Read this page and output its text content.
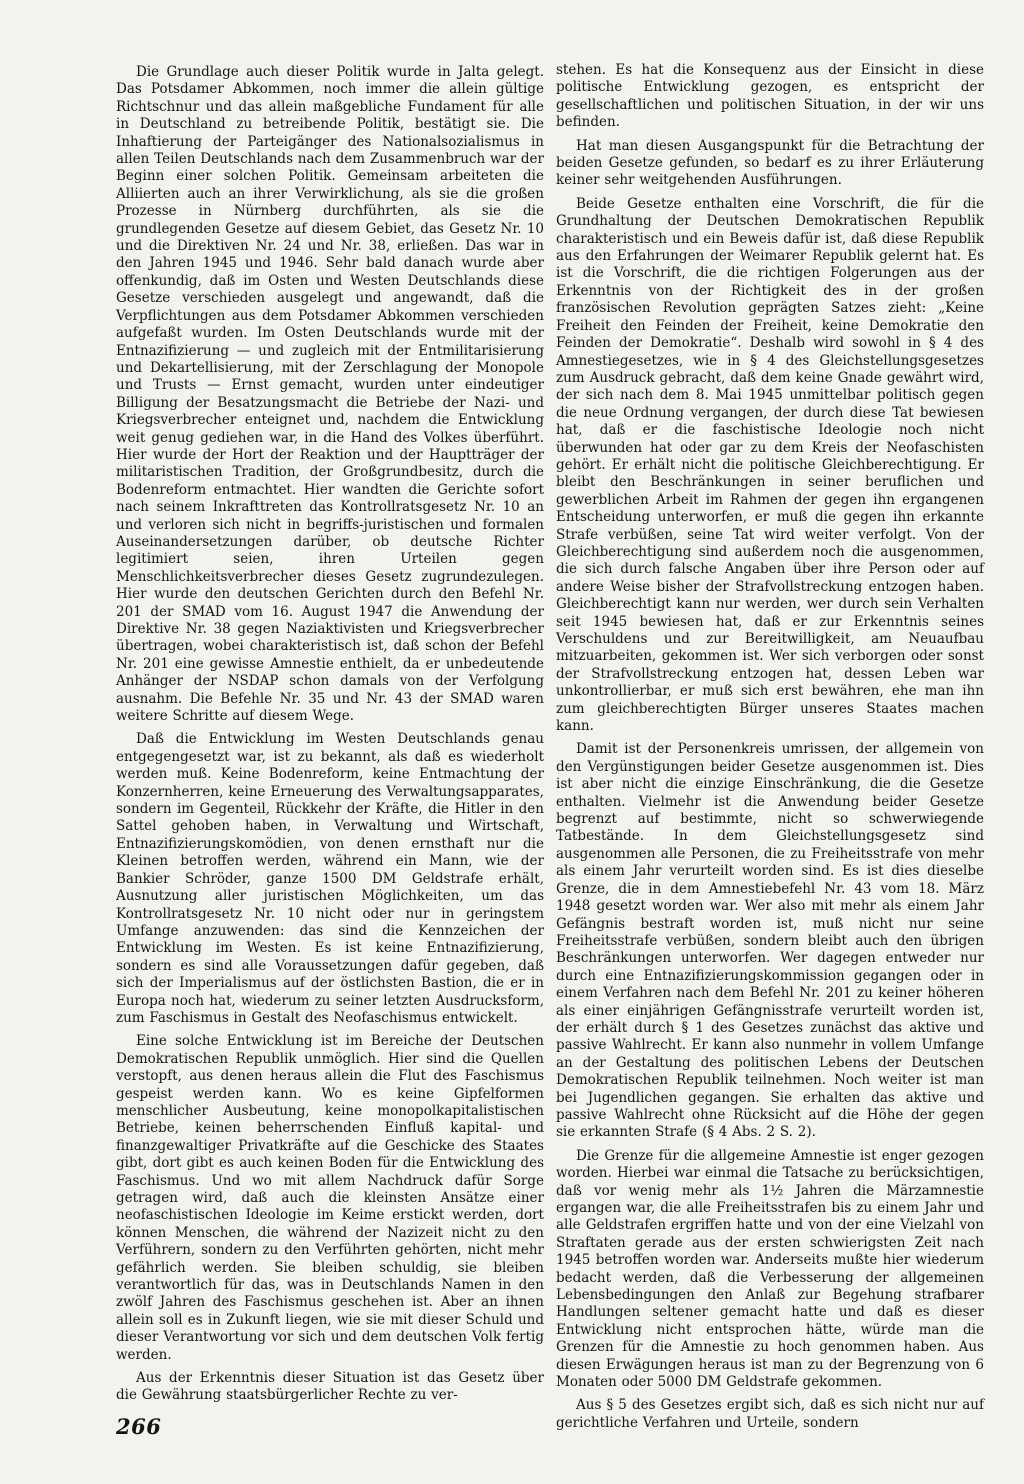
Die Grundlage auch dieser Politik wurde in Jalta gelegt. Das Potsdamer Abkommen, noch immer die allein gültige Richtschnur und das allein maßgebliche Fundament für alle in Deutschland zu betreibende Politik, bestätigt sie. Die Inhaftierung der Parteigänger des Nationalsozialismus in allen Teilen Deutschlands nach dem Zusammenbruch war der Beginn einer solchen Politik. Gemeinsam arbeiteten die Alliierten auch an ihrer Verwirklichung, als sie die großen Prozesse in Nürnberg durchführten, als sie die grundlegenden Gesetze auf diesem Gebiet, das Gesetz Nr. 10 und die Direktiven Nr. 24 und Nr. 38, erließen. Das war in den Jahren 1945 und 1946. Sehr bald danach wurde aber offenkundig, daß im Osten und Westen Deutschlands diese Gesetze verschieden ausgelegt und angewandt, daß die Verpflichtungen aus dem Potsdamer Abkommen verschieden aufgefaßt wurden. Im Osten Deutschlands wurde mit der Entnazifizierung — und zugleich mit der Entmilitarisierung und Dekartellisierung, mit der Zerschlagung der Monopole und Trusts — Ernst gemacht, wurden unter eindeutiger Billigung der Besatzungsmacht die Betriebe der Nazi- und Kriegsverbrecher enteignet und, nachdem die Entwicklung weit genug gediehen war, in die Hand des Volkes überführt. Hier wurde der Hort der Reaktion und der Hauptträger der militaristischen Tradition, der Großgrundbesitz, durch die Bodenreform entmachtet. Hier wandten die Gerichte sofort nach seinem Inkrafttreten das Kontrollratsgesetz Nr. 10 an und verloren sich nicht in begriffs-juristischen und formalen Auseinandersetzungen darüber, ob deutsche Richter legitimiert seien, ihren Urteilen gegen Menschlichkeitsverbrecher dieses Gesetz zugrundezulegen. Hier wurde den deutschen Gerichten durch den Befehl Nr. 201 der SMAD vom 16. August 1947 die Anwendung der Direktive Nr. 38 gegen Naziaktivisten und Kriegsverbrecher übertragen, wobei charakteristisch ist, daß schon der Befehl Nr. 201 eine gewisse Amnestie enthielt, da er unbedeutende Anhänger der NSDAP schon damals von der Verfolgung ausnahm. Die Befehle Nr. 35 und Nr. 43 der SMAD waren weitere Schritte auf diesem Wege.

Daß die Entwicklung im Westen Deutschlands genau entgegengesetzt war, ist zu bekannt, als daß es wiederholt werden muß. Keine Bodenreform, keine Entmachtung der Konzernherren, keine Erneuerung des Verwaltungsapparates, sondern im Gegenteil, Rückkehr der Kräfte, die Hitler in den Sattel gehoben haben, in Verwaltung und Wirtschaft, Entnazifizierungskomödien, von denen ernsthaft nur die Kleinen betroffen werden, während ein Mann, wie der Bankier Schröder, ganze 1500 DM Geldstrafe erhält, Ausnutzung aller juristischen Möglichkeiten, um das Kontrollratsgesetz Nr. 10 nicht oder nur in geringstem Umfange anzuwenden: das sind die Kennzeichen der Entwicklung im Westen. Es ist keine Entnazifizierung, sondern es sind alle Voraussetzungen dafür gegeben, daß sich der Imperialismus auf der östlichsten Bastion, die er in Europa noch hat, wiederum zu seiner letzten Ausdrucksform, zum Faschismus in Gestalt des Neofaschismus entwickelt.

Eine solche Entwicklung ist im Bereiche der Deutschen Demokratischen Republik unmöglich. Hier sind die Quellen verstopft, aus denen heraus allein die Flut des Faschismus gespeist werden kann. Wo es keine Gipfelformen menschlicher Ausbeutung, keine monopolkapitalistischen Betriebe, keinen beherrschenden Einfluß kapital- und finanzgewaltiger Privatkräfte auf die Geschicke des Staates gibt, dort gibt es auch keinen Boden für die Entwicklung des Faschismus. Und wo mit allem Nachdruck dafür Sorge getragen wird, daß auch die kleinsten Ansätze einer neofaschistischen Ideologie im Keime erstickt werden, dort können Menschen, die während der Nazizeit nicht zu den Verführern, sondern zu den Verführten gehörten, nicht mehr gefährlich werden. Sie bleiben schuldig, sie bleiben verantwortlich für das, was in Deutschlands Namen in den zwölf Jahren des Faschismus geschehen ist. Aber an ihnen allein soll es in Zukunft liegen, wie sie mit dieser Schuld und dieser Verantwortung vor sich und dem deutschen Volk fertig werden.

Aus der Erkenntnis dieser Situation ist das Gesetz über die Gewährung staatsbürgerlicher Rechte zu ver-

stehen. Es hat die Konsequenz aus der Einsicht in diese politische Entwicklung gezogen, es entspricht der gesellschaftlichen und politischen Situation, in der wir uns befinden.

Hat man diesen Ausgangspunkt für die Betrachtung der beiden Gesetze gefunden, so bedarf es zu ihrer Erläuterung keiner sehr weitgehenden Ausführungen.

Beide Gesetze enthalten eine Vorschrift, die für die Grundhaltung der Deutschen Demokratischen Republik charakteristisch und ein Beweis dafür ist, daß diese Republik aus den Erfahrungen der Weimarer Republik gelernt hat. Es ist die Vorschrift, die die richtigen Folgerungen aus der Erkenntnis von der Richtigkeit des in der großen französischen Revolution geprägten Satzes zieht: „Keine Freiheit den Feinden der Freiheit, keine Demokratie den Feinden der Demokratie“. Deshalb wird sowohl in § 4 des Amnestiegesetzes, wie in § 4 des Gleichstellungsgesetzes zum Ausdruck gebracht, daß dem keine Gnade gewährt wird, der sich nach dem 8. Mai 1945 unmittelbar politisch gegen die neue Ordnung vergangen, der durch diese Tat bewiesen hat, daß er die faschistische Ideologie noch nicht überwunden hat oder gar zu dem Kreis der Neofaschisten gehört. Er erhält nicht die politische Gleichberechtigung. Er bleibt den Beschränkungen in seiner beruflichen und gewerblichen Arbeit im Rahmen der gegen ihn ergangenen Entscheidung unterworfen, er muß die gegen ihn erkannte Strafe verbüßen, seine Tat wird weiter verfolgt. Von der Gleichberechtigung sind außerdem noch die ausgenommen, die sich durch falsche Angaben über ihre Person oder auf andere Weise bisher der Strafvollstreckung entzogen haben. Gleichberechtigt kann nur werden, wer durch sein Verhalten seit 1945 bewiesen hat, daß er zur Erkenntnis seines Verschuldens und zur Bereitwilligkeit, am Neuaufbau mitzuarbeiten, gekommen ist. Wer sich verborgen oder sonst der Strafvollstreckung entzogen hat, dessen Leben war unkontrollierbar, er muß sich erst bewähren, ehe man ihn zum gleichberechtigten Bürger unseres Staates machen kann.

Damit ist der Personenkreis umrissen, der allgemein von den Vergünstigungen beider Gesetze ausgenommen ist. Dies ist aber nicht die einzige Einschränkung, die die Gesetze enthalten. Vielmehr ist die Anwendung beider Gesetze begrenzt auf bestimmte, nicht so schwerwiegende Tatbestände. In dem Gleichstellungsgesetz sind ausgenommen alle Personen, die zu Freiheitsstrafe von mehr als einem Jahr verurteilt worden sind. Es ist dies dieselbe Grenze, die in dem Amnestiebefehl Nr. 43 vom 18. März 1948 gesetzt worden war. Wer also mit mehr als einem Jahr Gefängnis bestraft worden ist, muß nicht nur seine Freiheitsstrafe verbüßen, sondern bleibt auch den übrigen Beschränkungen unterworfen. Wer dagegen entweder nur durch eine Entnazifizierungskommission gegangen oder in einem Verfahren nach dem Befehl Nr. 201 zu keiner höheren als einer einjährigen Gefängnisstrafe verurteilt worden ist, der erhält durch § 1 des Gesetzes zunächst das aktive und passive Wahlrecht. Er kann also nunmehr in vollem Umfange an der Gestaltung des politischen Lebens der Deutschen Demokratischen Republik teilnehmen. Noch weiter ist man bei Jugendlichen gegangen. Sie erhalten das aktive und passive Wahlrecht ohne Rücksicht auf die Höhe der gegen sie erkannten Strafe (§ 4 Abs. 2 S. 2).

Die Grenze für die allgemeine Amnestie ist enger gezogen worden. Hierbei war einmal die Tatsache zu berücksichtigen, daß vor wenig mehr als 1½ Jahren die Märzamnestie ergangen war, die alle Freiheitsstrafen bis zu einem Jahr und alle Geldstrafen ergriffen hatte und von der eine Vielzahl von Straftaten gerade aus der ersten schwierigsten Zeit nach 1945 betroffen worden war. Anderseits mußte hier wiederum bedacht werden, daß die Verbesserung der allgemeinen Lebensbedingungen den Anlaß zur Begehung strafbarer Handlungen seltener gemacht hatte und daß es dieser Entwicklung nicht entsprochen hätte, würde man die Grenzen für die Amnestie zu hoch genommen haben. Aus diesen Erwägungen heraus ist man zu der Begrenzung von 6 Monaten oder 5000 DM Geldstrafe gekommen.

Aus § 5 des Gesetzes ergibt sich, daß es sich nicht nur auf gerichtliche Verfahren und Urteile, sondern

266
